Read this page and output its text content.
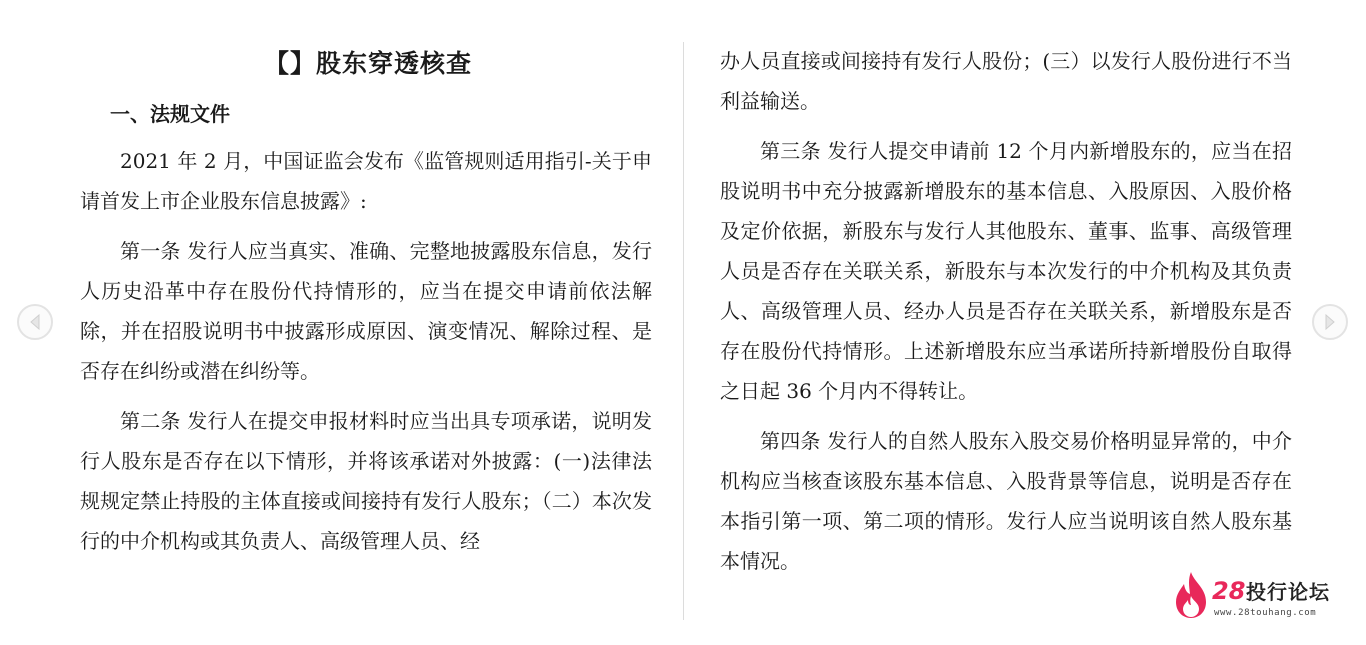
【】股东穿透核查
一、法规文件

2021 年 2 月，中国证监会发布《监管规则适用指引-关于申请首发上市企业股东信息披露》:

第一条 发行人应当真实、准确、完整地披露股东信息，发行人历史沿革中存在股份代持情形的，应当在提交申请前依法解除，并在招股说明书中披露形成原因、演变情况、解除过程、是否存在纠纷或潜在纠纷等。

第二条 发行人在提交申报材料时应当出具专项承诺，说明发行人股东是否存在以下情形，并将该承诺对外披露：(一)法律法规规定禁止持股的主体直接或间接持有发行人股东；（二）本次发行的中介机构或其负责人、高级管理人员、经

办人员直接或间接持有发行人股份；(三）以发行人股份进行不当利益输送。

第三条 发行人提交申请前 12 个月内新增股东的，应当在招股说明书中充分披露新增股东的基本信息、入股原因、入股价格及定价依据，新股东与发行人其他股东、董事、监事、高级管理人员是否存在关联关系，新股东与本次发行的中介机构及其负责人、高级管理人员、经办人员是否存在关联关系，新增股东是否存在股份代持情形。上述新增股东应当承诺所持新增股份自取得之日起 36 个月内不得转让。

第四条 发行人的自然人股东入股交易价格明显异常的，中介机构应当核查该股东基本信息、入股背景等信息，说明是否存在本指引第一项、第二项的情形。发行人应当说明该自然人股东基本情况。

28 投行论坛
www.28touhang.com
